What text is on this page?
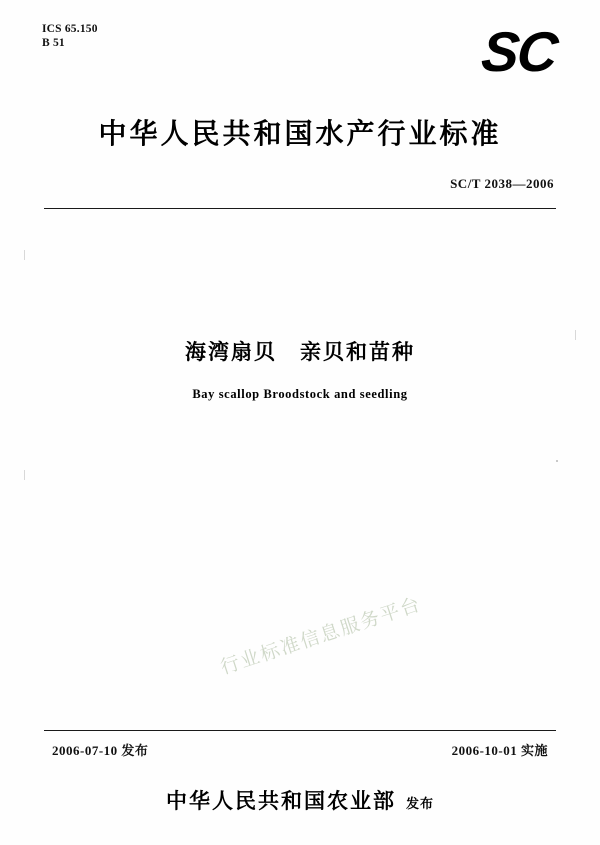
ICS 65.150
B 51	SC
中华人民共和国水产行业标准
SC/T 2038—2006
海湾扇贝　亲贝和苗种
Bay scallop Broodstock and seedling
行业标准信息服务平台
2006-07-10 发布	2006-10-01 实施
中华人民共和国农业部 发布
